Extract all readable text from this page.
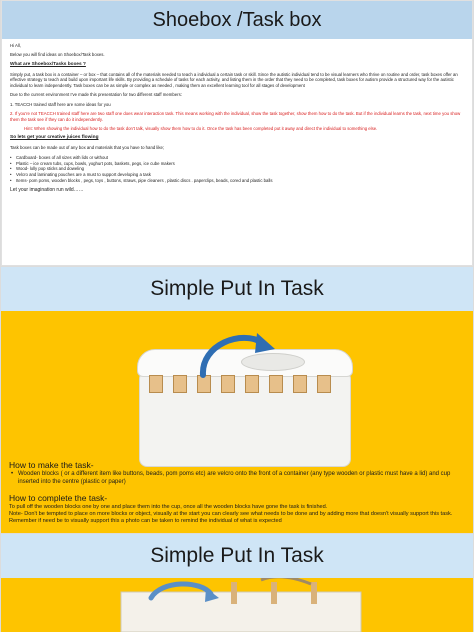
Shoebox /Task box

Hi All,

Below you will find ideas on Shoebox/Task boxes.

What are Shoebox/Tasks boxes ?

Simply put, a task box is a container – or box – that contains all of the materials needed to teach a individual a certain task or skill. Since the autistic individual tend to be visual learners who thrive on routine and order, task boxes offer an effective strategy to teach and build upon important life skills. By providing a schedule of tasks for each activity, and listing them in the order that they need to be completed, task boxes for autism provide a structured way for the autistic individual to learn independently. Task boxes can be as simple or complex as needed , making them an excellent learning tool for all stages of development

Due to the current environment I've made this presentation for two different staff members:

1. TEACCH trained staff here are some ideas for you

2. If you're not TEACCH trained staff here are two staff one does wear interaction task. This means working with the individual, show the task together, show them how to do the task. But if the individual learns the task, next time you show them the task see if they can do it independently.

Hint: When showing the individual how to do the task don't talk, visually show them how to do it. Once the task has been completed put it away and direct the individual to something else.

So lets get your creative juices flowing

Task boxes can be made out of any box and materials that you have to hand like;

• Cardboard- boxes of all sizes with lids or without
• Plastic – ice cream tubs, cups, bowls, yoghurt pots, baskets, pegs, ice cube makers
• Wood- lolly pop sticks and doweling
• Velcro and laminating pouches are a must to support developing a task
• Items- pom poms, wooden blocks , pegs, toys , buttons, straws, pipe cleaners , plastic discs . paperclips, beads, cored and plastic balls

Let your imagination run wild……

Simple Put In Task
How to make the task-
• Wooden blocks ( or a different item like buttons, beads, pom poms etc) are velcro onto the front of a container (any type wooden or plastic must have a lid) and cup inserted into the centre (plastic or paper)
How to complete the task-
To pull off the wooden blocks one by one and place them into the cup, once all the wooden blocks have gone the task is finished.
Note- Don't be tempted to place on more blocks or object, visually at the start you can clearly see what needs to be done and by adding more that doesn't visually support this task. Remember if need be to visually support this a photo can be taken to remind the individual of what is expected
Simple Put In Task
